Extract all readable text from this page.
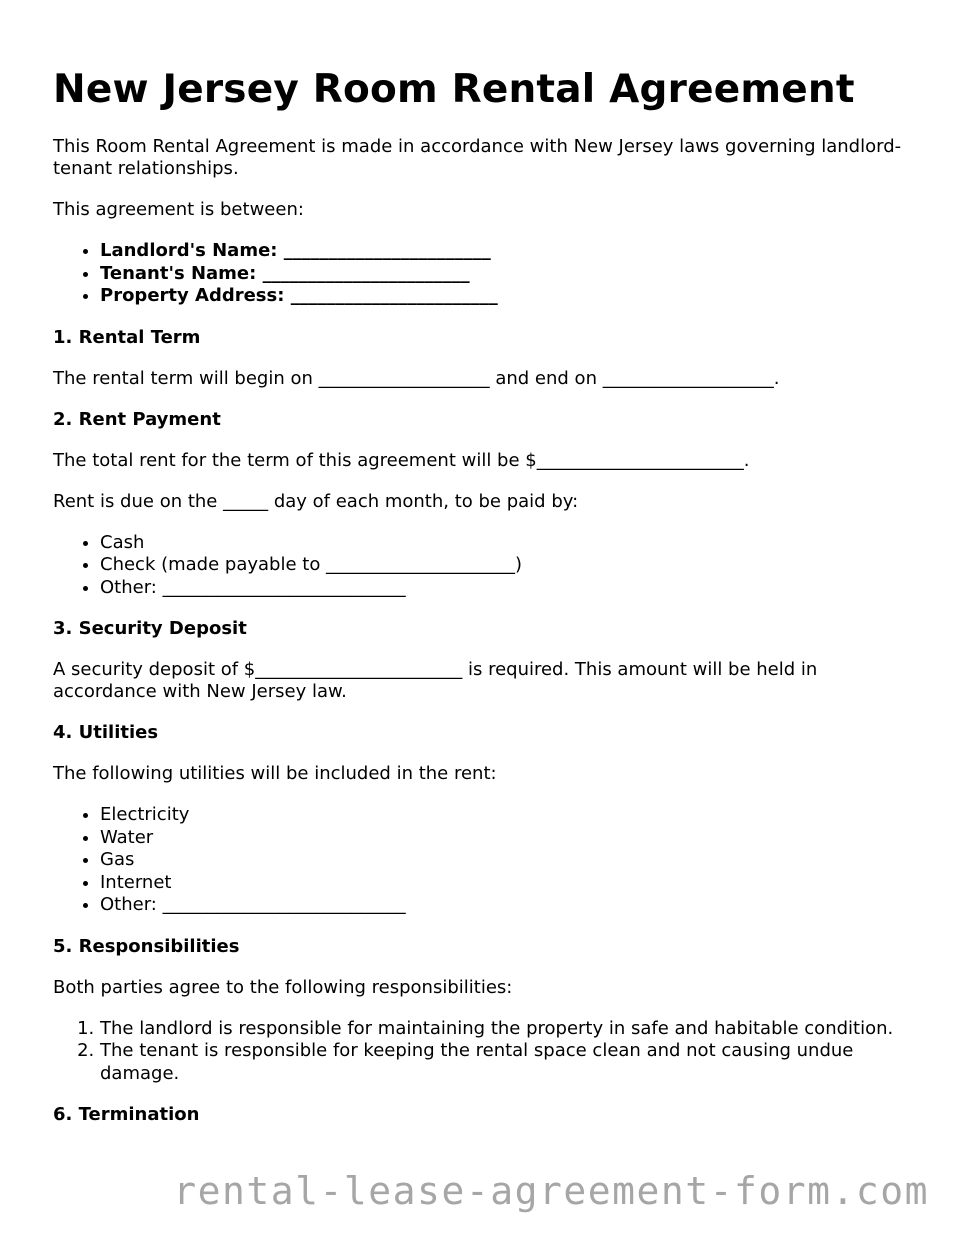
New Jersey Room Rental Agreement

This Room Rental Agreement is made in accordance with New Jersey laws governing landlord-tenant relationships.

This agreement is between:

• Landlord's Name: _______________________
• Tenant's Name: _______________________
• Property Address: _______________________
1. Rental Term

The rental term will begin on ___________________ and end on ___________________.

2. Rent Payment

The total rent for the term of this agreement will be $_______________________.

Rent is due on the _____ day of each month, to be paid by:

• Cash
• Check (made payable to _____________________)
• Other: ___________________________
3. Security Deposit

A security deposit of $_______________________ is required. This amount will be held in accordance with New Jersey law.

4. Utilities

The following utilities will be included in the rent:

• Electricity
• Water
• Gas
• Internet
• Other: ___________________________
5. Responsibilities

Both parties agree to the following responsibilities:

1. The landlord is responsible for maintaining the property in safe and habitable condition.
2. The tenant is responsible for keeping the rental space clean and not causing undue damage.
6. Termination
rental-lease-agreement-form.com
